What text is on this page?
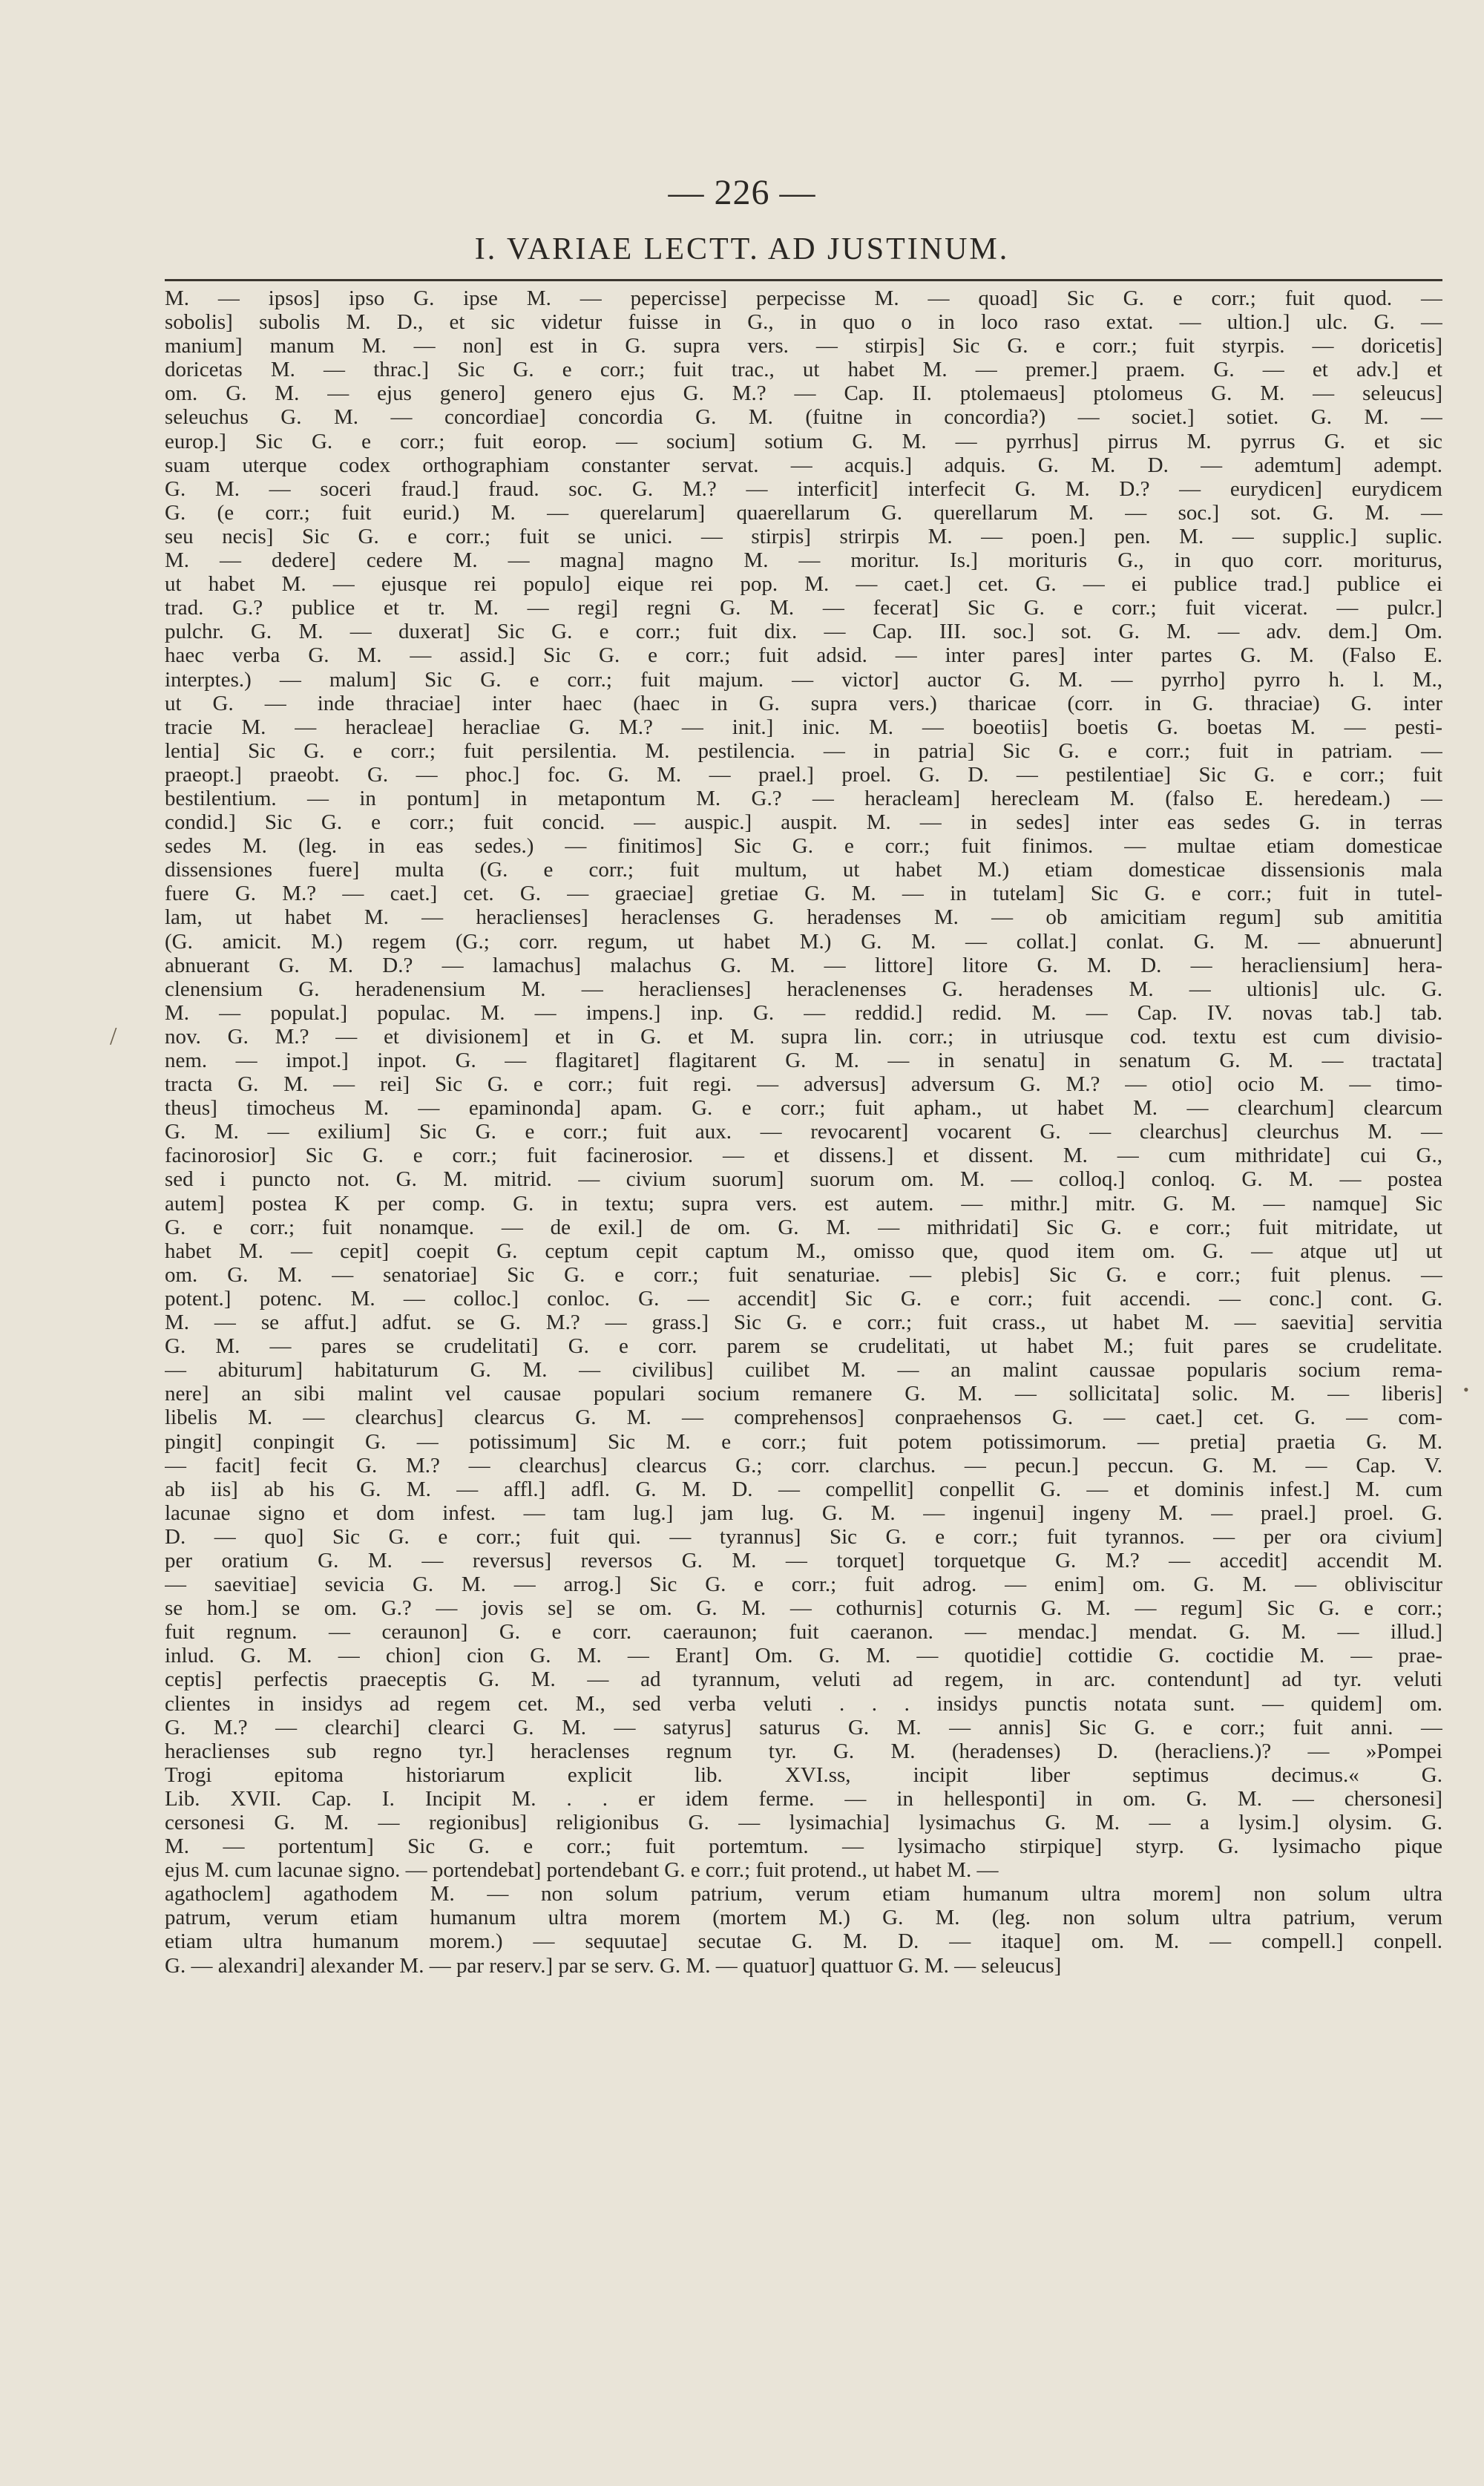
— 226 —
I. VARIAE LECTT. AD JUSTINUM.
M. — ipsos] ipso G. ipse M. — pepercisse] perpecisse M. — quoad] Sic G. e corr.; fuit quod. —
sobolis] subolis M. D., et sic videtur fuisse in G., in quo o in loco raso extat. — ultion.] ulc. G. —
manium] manum M. — non] est in G. supra vers. — stirpis] Sic G. e corr.; fuit styrpis. — doricetis]
doricetas M. — thrac.] Sic G. e corr.; fuit trac., ut habet M. — premer.] praem. G. — et adv.] et
om. G. M. — ejus genero] genero ejus G. M.? — Cap. II. ptolemaeus] ptolomeus G. M. — seleucus]
seleuchus G. M. — concordiae] concordia G. M. (fuitne in concordia?) — societ.] sotiet. G. M. —
europ.] Sic G. e corr.; fuit eorop. — socium] sotium G. M. — pyrrhus] pirrus M. pyrrus G. et sic
suam uterque codex orthographiam constanter servat. — acquis.] adquis. G. M. D. — ademtum] adempt.
G. M. — soceri fraud.] fraud. soc. G. M.? — interficit] interfecit G. M. D.? — eurydicen] eurydicem
G. (e corr.; fuit eurid.) M. — querelarum] quaerellarum G. querellarum M. — soc.] sot. G. M. —
seu necis] Sic G. e corr.; fuit se unici. — stirpis] strirpis M. — poen.] pen. M. — supplic.] suplic.
M. — dedere] cedere M. — magna] magno M. — moritur. Is.] morituris G., in quo corr. moriturus,
ut habet M. — ejusque rei populo] eique rei pop. M. — caet.] cet. G. — ei publice trad.] publice ei
trad. G.? publice et tr. M. — regi] regni G. M. — fecerat] Sic G. e corr.; fuit vicerat. — pulcr.]
pulchr. G. M. — duxerat] Sic G. e corr.; fuit dix. — Cap. III. soc.] sot. G. M. — adv. dem.] Om.
haec verba G. M. — assid.] Sic G. e corr.; fuit adsid. — inter pares] inter partes G. M. (Falso E.
interptes.) — malum] Sic G. e corr.; fuit majum. — victor] auctor G. M. — pyrrho] pyrro h. l. M.,
ut G. — inde thraciae] inter haec (haec in G. supra vers.) tharicae (corr. in G. thraciae) G. inter
tracie M. — heracleae] heracliae G. M.? — init.] inic. M. — boeotiis] boetis G. boetas M. — pesti-
lentia] Sic G. e corr.; fuit persilentia. M. pestilencia. — in patria] Sic G. e corr.; fuit in patriam. —
praeopt.] praeobt. G. — phoc.] foc. G. M. — prael.] proel. G. D. — pestilentiae] Sic G. e corr.; fuit
bestilentium. — in pontum] in metapontum M. G.? — heracleam] herecleam M. (falso E. heredeam.) —
condid.] Sic G. e corr.; fuit concid. — auspic.] auspit. M. — in sedes] inter eas sedes G. in terras
sedes M. (leg. in eas sedes.) — finitimos] Sic G. e corr.; fuit finimos. — multae etiam domesticae
dissensiones fuere] multa (G. e corr.; fuit multum, ut habet M.) etiam domesticae dissensionis mala
fuere G. M.? — caet.] cet. G. — graeciae] gretiae G. M. — in tutelam] Sic G. e corr.; fuit in tutel-
lam, ut habet M. — heraclienses] heraclenses G. heradenses M. — ob amicitiam regum] sub amititia
(G. amicit. M.) regem (G.; corr. regum, ut habet M.) G. M. — collat.] conlat. G. M. — abnuerunt]
abnuerant G. M. D.? — lamachus] malachus G. M. — littore] litore G. M. D. — heracliensium] hera-
clenensium G. heradenensium M. — heraclienses] heraclenenses G. heradenses M. — ultionis] ulc. G.
M. — populat.] populac. M. — impens.] inp. G. — reddid.] redid. M. — Cap. IV. novas tab.] tab.
nov. G. M.? — et divisionem] et in G. et M. supra lin. corr.; in utriusque cod. textu est cum divisio-
nem. — impot.] inpot. G. — flagitaret] flagitarent G. M. — in senatu] in senatum G. M. — tractata]
tracta G. M. — rei] Sic G. e corr.; fuit regi. — adversus] adversum G. M.? — otio] ocio M. — timo-
theus] timocheus M. — epaminonda] apam. G. e corr.; fuit apham., ut habet M. — clearchum] clearcum
G. M. — exilium] Sic G. e corr.; fuit aux. — revocarent] vocarent G. — clearchus] cleurchus M. —
facinorosior] Sic G. e corr.; fuit facinerosior. — et dissens.] et dissent. M. — cum mithridate] cui G.,
sed i puncto not. G. M. mitrid. — civium suorum] suorum om. M. — colloq.] conloq. G. M. — postea
autem] postea K per comp. G. in textu; supra vers. est autem. — mithr.] mitr. G. M. — namque] Sic
G. e corr.; fuit nonamque. — de exil.] de om. G. M. — mithridati] Sic G. e corr.; fuit mitridate, ut
habet M. — cepit] coepit G. ceptum cepit captum M., omisso que, quod item om. G. — atque ut] ut
om. G. M. — senatoriae] Sic G. e corr.; fuit senaturiae. — plebis] Sic G. e corr.; fuit plenus. —
potent.] potenc. M. — colloc.] conloc. G. — accendit] Sic G. e corr.; fuit accendi. — conc.] cont. G.
M. — se affut.] adfut. se G. M.? — grass.] Sic G. e corr.; fuit crass., ut habet M. — saevitia] servitia
G. M. — pares se crudelitati] G. e corr. parem se crudelitati, ut habet M.; fuit pares se crudelitate.
— abiturum] habitaturum G. M. — civilibus] cuilibet M. — an malint caussae popularis socium rema-
nere] an sibi malint vel causae populari socium remanere G. M. — sollicitata] solic. M. — liberis]
libelis M. — clearchus] clearcus G. M. — comprehensos] conpraehensos G. — caet.] cet. G. — com-
pingit] conpingit G. — potissimum] Sic M. e corr.; fuit potem potissimorum. — pretia] praetia G. M.
— facit] fecit G. M.? — clearchus] clearcus G.; corr. clarchus. — pecun.] peccun. G. M. — Cap. V.
ab iis] ab his G. M. — affl.] adfl. G. M. D. — compellit] conpellit G. — et dominis infest.] M. cum
lacunae signo et dom infest. — tam lug.] jam lug. G. M. — ingenui] ingeny M. — prael.] proel. G.
D. — quo] Sic G. e corr.; fuit qui. — tyrannus] Sic G. e corr.; fuit tyrannos. — per ora civium]
per oratium G. M. — reversus] reversos G. M. — torquet] torquetque G. M.? — accedit] accendit M.
— saevitiae] sevicia G. M. — arrog.] Sic G. e corr.; fuit adrog. — enim] om. G. M. — obliviscitur
se hom.] se om. G.? — jovis se] se om. G. M. — cothurnis] coturnis G. M. — regum] Sic G. e corr.;
fuit regnum. — ceraunon] G. e corr. caeraunon; fuit caeranon. — mendac.] mendat. G. M. — illud.]
inlud. G. M. — chion] cion G. M. — Erant] Om. G. M. — quotidie] cottidie G. coctidie M. — prae-
ceptis] perfectis praeceptis G. M. — ad tyrannum, veluti ad regem, in arc. contendunt] ad tyr. veluti
clientes in insidys ad regem cet. M., sed verba veluti . . . insidys punctis notata sunt. — quidem] om.
G. M.? — clearchi] clearci G. M. — satyrus] saturus G. M. — annis] Sic G. e corr.; fuit anni. —
heraclienses sub regno tyr.] heraclenses regnum tyr. G. M. (heradenses) D. (heracliens.)? — »Pompei
Trogi epitoma historiarum explicit lib. XVI.ss, incipit liber septimus decimus.« G.
Lib. XVII. Cap. I. Incipit M. . . er idem ferme. — in hellesponti] in om. G. M. — chersonesi]
cersonesi G. M. — regionibus] religionibus G. — lysimachia] lysimachus G. M. — a lysim.] olysim. G.
M. — portentum] Sic G. e corr.; fuit portemtum. — lysimacho stirpique] styrp. G. lysimacho pique
ejus M. cum lacunae signo. — portendebat] portendebant G. e corr.; fuit protend., ut habet M. —
agathoclem] agathodem M. — non solum patrium, verum etiam humanum ultra morem] non solum ultra
patrum, verum etiam humanum ultra morem (mortem M.) G. M. (leg. non solum ultra patrium, verum
etiam ultra humanum morem.) — sequutae] secutae G. M. D. — itaque] om. M. — compell.] conpell.
G. — alexandri] alexander M. — par reserv.] par se serv. G. M. — quatuor] quattuor G. M. — seleucus]
/
•
